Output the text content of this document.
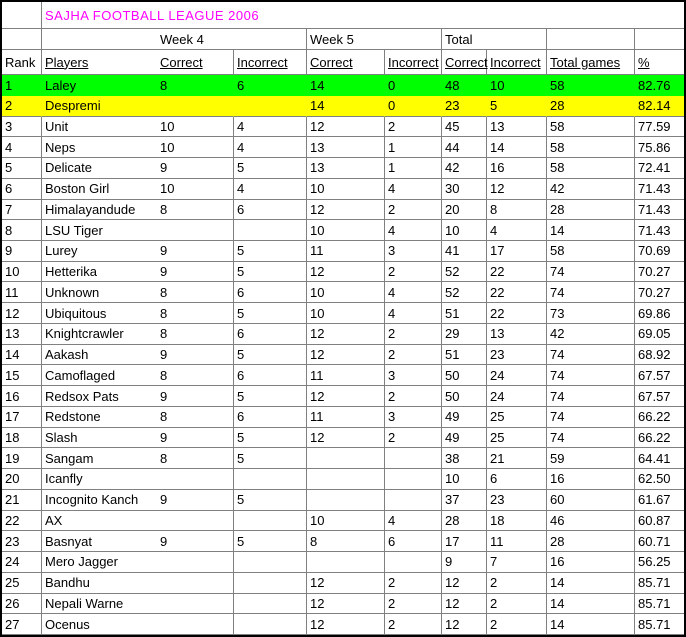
	SAJHA FOOTBALL LEAGUE 2006								
		Week 4		Week 5		Total			
Rank	Players	Correct	Incorrect	Correct	Incorrect	Correct	Incorrect	Total games	%
1	Laley	8	6	14	0	48	10	58	82.76
2	Despremi			14	0	23	5	28	82.14
3	Unit	10	4	12	2	45	13	58	77.59
4	Neps	10	4	13	1	44	14	58	75.86
5	Delicate	9	5	13	1	42	16	58	72.41
6	Boston Girl	10	4	10	4	30	12	42	71.43
7	Himalayandude	8	6	12	2	20	8	28	71.43
8	LSU Tiger			10	4	10	4	14	71.43
9	Lurey	9	5	11	3	41	17	58	70.69
10	Hetterika	9	5	12	2	52	22	74	70.27
11	Unknown	8	6	10	4	52	22	74	70.27
12	Ubiquitous	8	5	10	4	51	22	73	69.86
13	Knightcrawler	8	6	12	2	29	13	42	69.05
14	Aakash	9	5	12	2	51	23	74	68.92
15	Camoflaged	8	6	11	3	50	24	74	67.57
16	Redsox Pats	9	5	12	2	50	24	74	67.57
17	Redstone	8	6	11	3	49	25	74	66.22
18	Slash	9	5	12	2	49	25	74	66.22
19	Sangam	8	5			38	21	59	64.41
20	Icanfly					10	6	16	62.50
21	Incognito Kanch	9	5			37	23	60	61.67
22	AX			10	4	28	18	46	60.87
23	Basnyat	9	5	8	6	17	11	28	60.71
24	Mero Jagger					9	7	16	56.25
25	Bandhu			12	2	12	2	14	85.71
26	Nepali Warne			12	2	12	2	14	85.71
27	Ocenus			12	2	12	2	14	85.71
